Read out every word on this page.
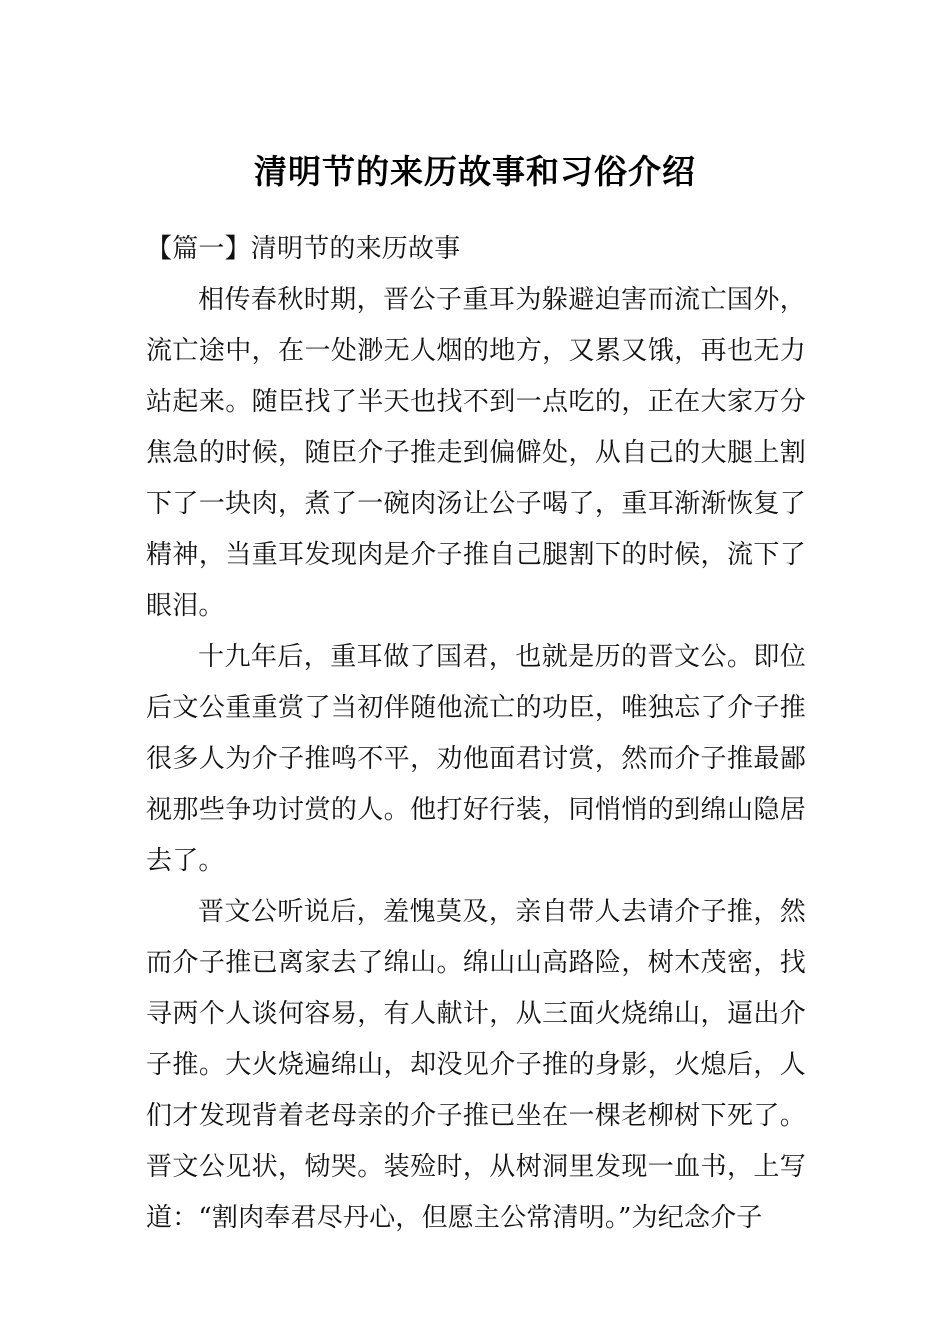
清明节的来历故事和习俗介绍

【篇一】清明节的来历故事

相传春秋时期，晋公子重耳为躲避迫害而流亡国外，流亡途中，在一处渺无人烟的地方，又累又饿，再也无力站起来。随臣找了半天也找不到一点吃的，正在大家万分焦急的时候，随臣介子推走到偏僻处，从自己的大腿上割下了一块肉，煮了一碗肉汤让公子喝了，重耳渐渐恢复了精神，当重耳发现肉是介子推自己腿割下的时候，流下了眼泪。

十九年后，重耳做了国君，也就是历的晋文公。即位后文公重重赏了当初伴随他流亡的功臣，唯独忘了介子推很多人为介子推鸣不平，劝他面君讨赏，然而介子推最鄙视那些争功讨赏的人。他打好行装，同悄悄的到绵山隐居去了。

晋文公听说后，羞愧莫及，亲自带人去请介子推，然而介子推已离家去了绵山。绵山山高路险，树木茂密，找寻两个人谈何容易，有人献计，从三面火烧绵山，逼出介子推。大火烧遍绵山，却没见介子推的身影，火熄后，人们才发现背着老母亲的介子推已坐在一棵老柳树下死了。晋文公见状，恸哭。装殓时，从树洞里发现一血书，上写道：“割肉奉君尽丹心，但愿主公常清明。”为纪念介子
